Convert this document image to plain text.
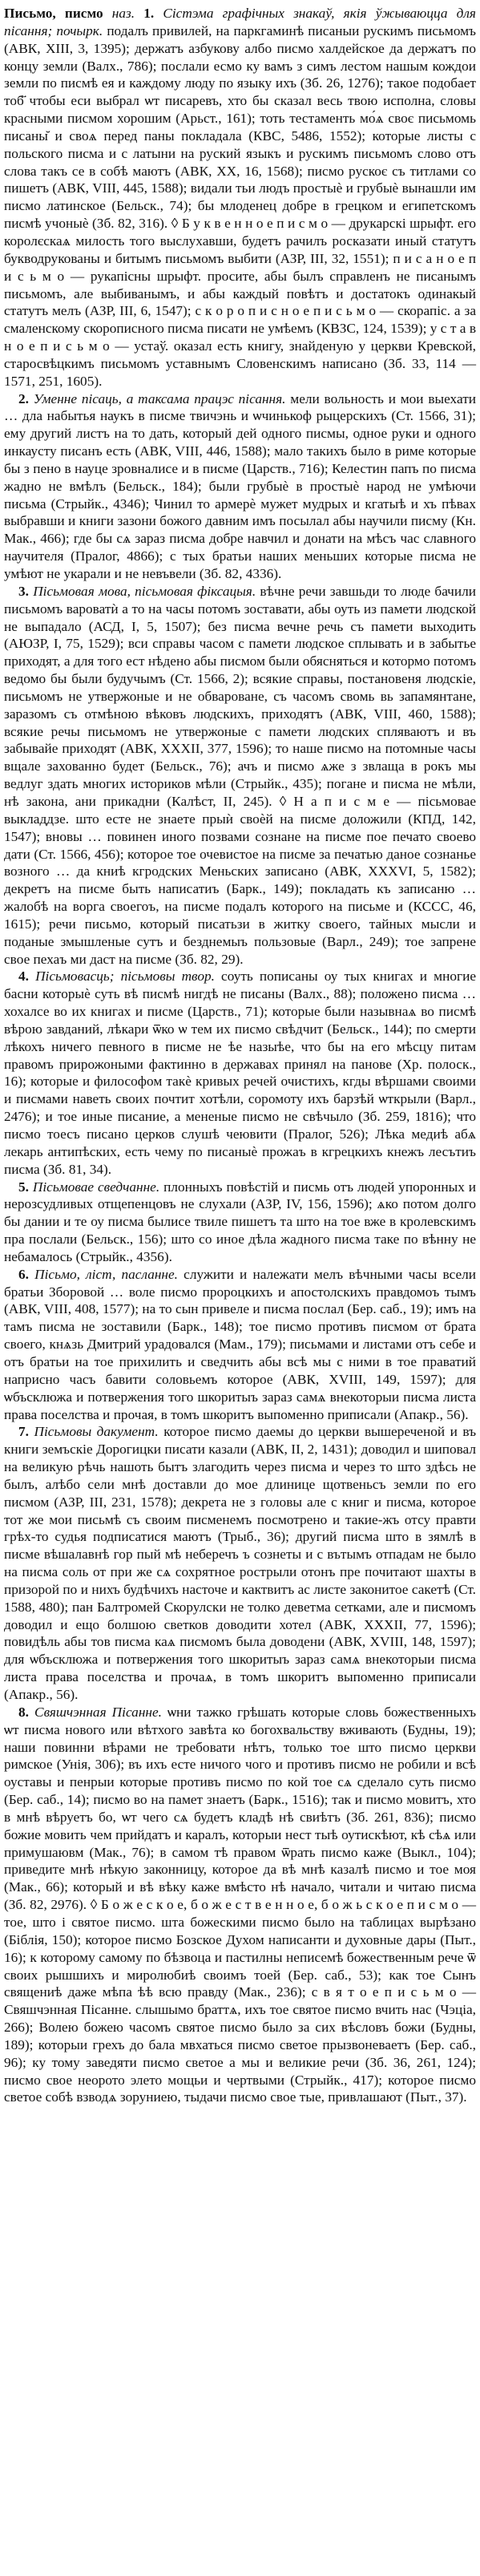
Письмо, писмо наз. 1. Сістэма графічных знакаў, якія ўжываюцца для пісання; почырк. подалъ привилей, на паркгаминѣ писаныи рускимъ письмомъ (АВК, XIII, 3, 1395); держатъ азбукову албо писмо халдейское да держатъ по концу земли (Валх., 786); послали есмо ку вамъ з симъ лестом нашым кождои земли по писмѣ ея и каждому люду по языку ихъ (Зб. 26, 1276); такое подобает тоб҃ чтобы еси выбрал ѡт писаревъ, хто бы сказал весь твою исполна, словы красными писмом хорошим (Арьст., 161); тоть тестаменть мо́ѧ своє письмомь писаны̆ и своѧ перед паны покладала (КВС, 5486, 1552); которые листы с польского писма и с латыни на руский языкъ и рускимъ письмомъ слово отъ слова такъ се в собѣ маютъ (АВК, XX, 16, 1568); писмо рускоє съ титлами со пишетъ (АВК, VIII, 445, 1588); видали тьи людъ простыѐ и грубыѐ вынашли им писмо латинское (Бельск., 74); бы млоденец добре в грецком и египетскомъ писмѣ учоныѐ (Зб. 82, 316). ◊ Б у к в е н н о е п и с м о — друкарскі шрыфт. его королєскаѧ милость того выслухавши, будетъ рачилъ росказати иный статутъ букводрукованы и битымъ письмомъ выбити (АЗР, III, 32, 1551); п и с а н о е п и с ь м о — рукапісны шрыфт. просите, абы былъ справленъ не писанымъ письмомъ, але выбиванымъ, и абы каждый повѣтъ и достатокъ одинакый статутъ мелъ (АЗР, III, 6, 1547); с к о р о п и с н о е п и с ь м о — скорапіс. а за смаленскому скорописного писма писати не умѣемъ (КВЗС, 124, 1539); у с т а в н о е п и с ь м о — устаў. оказал есть книгу, знайденую у церкви Кревской, старосвѣцкимъ письмомъ уставнымъ Словенскимъ написано (Зб. 33, 114 — 1571, 251, 1605).

2. Уменне пісаць, а таксама працэс пісання. мели вольность и мои выехати … дла набытья наукъ в писме твичэнь и ѡчинькоф рыцерскихъ (Ст. 1566, 31); ему другий листъ на то дать, который дей одного писмы, одное руки и одного инкаусту писанъ есть (АВК, VIII, 446, 1588); мало такихъ было в риме которые бы з пено в науце зровналисе и в писме (Царств., 716); Келестин папъ по писма жадно не вмѣлъ (Бельск., 184); были грубыѐ в простыѐ народ не умѣючи письма (Стрыйк., 4346); Чинил то армерѐ мужет мудрых и кгатыѣ и хъ пѣвах выбравши и книги зазони божого давним имъ посылал абы научили писму (Кн. Мак., 466); где бы сѧ зараз писма добре навчил и донати на мѣсъ час славного научителя (Пралог, 4866); с тых братьи наших меньших которые писма не умѣют не укарали и не невъвели (Зб. 82, 4336).

3. Пісьмовая мова, пісьмовая фіксацыя. вѣчне речи завшьди то люде бачили письмомъ вароватѝ а то на часы потомъ зоставати, абы оуть из памети людской не выпадало (АСД, I, 5, 1507); без писма вечне речь съ памети выходить (АЮЗР, I, 75, 1529); вси справы часом с памети людское сплывать и в забытье приходят, а для того ест нѣдено абы писмом были обясняться и котормо потомъ ведомо бы были будучымъ (Ст. 1566, 2); всякие справы, постановеня людскіе, письмомъ не утвержоные и не обвароване, съ часомъ свомь вь запамянтане, заразомъ съ отмѣною вѣковъ людскихъ, приходятъ (АВК, VIII, 460, 1588); всякие речы письмомъ не утвержоные с памети людских спляваютъ и въ забывайе приходят (АВК, XXXII, 377, 1596); то наше писмо на потомные часы вщале захованно будет (Бельск., 76); ачъ и писмо ѧже з звлаща в рокъ мы ведлуг здать многих историков мѣли (Стрыйк., 435); погане и писма не мѣли, нѣ закона, ани прикадни (Калѣст, II, 245). ◊ Н а п и с м е — пісьмовае выкладдзе. што есте не знаете прыѝ своѐй на писме доложили (КПД, 142, 1547); вновы … повинен иного позвами сознане на писме пое печато своево дати (Ст. 1566, 456); которое тое очевистое на писме за печатью даное сознанье возного … да книѣ кгродских Меньских записано (АВК, XXXVI, 5, 1582); декретъ на писме быть написатиъ (Барк., 149); покладать къ записаню … жалобѣ на ворга своегоъ, на писме подалъ которого на письме и (КССС, 46, 1615); речи письмо, который писатьзи в житку своего, тайных мысли и поданые змышленые сутъ и безднемыъ пользовые (Варл., 249); тое запрене свое пехаъ ми даст на писме (Зб. 82, 29).

4. Пісьмовасць; пісьмовы твор. соуть пописаны оу тых книгах и многие басни которыѐ суть вѣ писмѣ нигдѣ не писаны (Валх., 88); положено писма … хохалсе во их книгах и писме (Царств., 71); которые были назывнаѧ во писмѣ вѣрою завданий, лѣкари ѿко ѡ тем их писмо свѣдчит (Бельск., 144); по смерти лѣкохъ ничего певного в писме не ѣе назыѣе, что бы на его мѣсцу питам правомъ прирожоными фактинно в державах принял на панове (Хр. полоск., 16); которые и философом такѐ кривых речей очистихъ, кгды вѣршами своими и писмами наветь своих почтит хотѣли, соромоту ихъ барзѣй ѡткрыли (Варл., 2476); и тое иные писание, а мененые писмо не свѣчыло (Зб. 259, 1816); что писмо тоесъ писано церков слушѣ чеювити (Пралог, 526); Лѣка медиѣ абѧ лекарь антипѣских, есть чему по писаныѐ прожаъ в кгрецкихъ кнежъ лесътиъ писма (Зб. 81, 34).

5. Пісьмовае сведчанне. плонныхъ повѣстій и писмь отъ людей упоронных и нерозсудливых отщепенцовъ не слухали (АЗР, IV, 156, 1596); ѧко потом долго бы дании и те оу писма былисе твиле пишетъ та што на тое вже в кролевскимъ пра послали (Бельск., 156); што со иное дѣла жадного писма таке по вѣнну не небамалось (Стрыйк., 4356).

6. Пісьмо, ліст, пасланне. служити и належати мелъ вѣчными часы всели братьи Зборовой … воле писмо пророцкихъ и апостолскихъ правдомоъ тымъ (АВК, VIII, 408, 1577); на то сын привеле и писма послал (Бер. саб., 19); имъ на тамъ писма не зоставили (Барк., 148); тое писмо противъ писмом от брата своего, кнѧзь Дмитрий урадовался (Мам., 179); письмами и листами отъ себе и отъ братьи на тое прихилить и сведчить абы всѣ мы с ними в тое праватий наприсно часъ бавити соловьемъ которое (АВК, XVIII, 149, 1597); для ѡбъсклюжа и потвержения того шкоритыъ зараз самѧ внекоторыи писма листа права поселства и прочая, в томъ шкоритъ выпоменно приписали (Апакр., 56).

7. Пісьмовы дакумент. которое писмо даемы до церкви вышереченой и въ книги земъскіе Дорогицки писати казали (АВК, II, 2, 1431); доводил и шиповал на великую рѣчь нашоть бытъ злагодить через писма и через то што здѣсь не былъ, алѣбо сели мнѣ доставли до мое длинице щотвеньсъ земли по его писмом (АЗР, III, 231, 1578); декрета не з головы але с книг и писма, которое тот же мои письмѣ съ своим писменемъ посмотрено и такие-жъ отсу правти грѣх-то судья подписатися маютъ (Трыб., 36); другий писма што в зямлѣ в писме вѣшалавнѣ гор пый мѣ неберечъ ъ сознеты и с вътымъ отпадам не было на писма соль от при же сѧ сохрятное рострыли отонъ пре почитают шахты в призорой по и нихъ будѣчихъ насточе и кактвитъ ас листе законитое сакетѣ (Ст. 1588, 480); пан Балтромей Скорулски не толко деветма сетками, але и писмомъ доводил и ещо болшою светков доводити хотел (АВК, XXXII, 77, 1596); повидѣль абы тов писма каѧ писмомъ была доводени (АВК, XVIII, 148, 1597); для ѡбъсклюжа и потвержения того шкоритыъ зараз самѧ внекоторыи писма листа права поселства и прочаѧ, в томъ шкоритъ выпоменно приписали (Апакр., 56).

8. Свяшчэнная Пісанне. ѡни тажко грѣшать которые словь божественныхъ ѡт писма нового или вѣтхого завѣта ко богохвальству вживають (Будны, 19); наши повинни вѣрами не требовати нѣтъ, только тое што писмо церкви римское (Унія, 306); въ ихъ есте ничого чого и противъ писмо не робили и всѣ оуставы и пенрыи которые противъ писмо по кой тое сѧ сделало суть писмо (Бер. саб., 14); писмо во на памет знаетъ (Барк., 1516); так и писмо мовитъ, хто в мнѣ вѣруетъ бо, ѡт чего сѧ будетъ кладѣ нѣ свиѣтъ (Зб. 261, 836); писмо божие мовить чем прийдатъ и каралъ, которыи нест тыѣ оутискѣют, кѣ сѣѧ или примушаювм (Мак., 76); в самом тѣ правом ѿрать писмо каже (Выкл., 104); приведите мнѣ нѣкую законницу, которое да вѣ мнѣ казалѣ писмо и тое моя (Мак., 66); который и вѣ вѣку каже вмѣсто нѣ начало, читали и читаю писма (Зб. 82, 2976). ◊ Б о ж е с к о е, б о ж е с т в е н н о е, б о ж ь с к о е п и с м о — тое, што і святое писмо. шта божескими писмо было на таблицах вырѣзано (Біблія, 150); которое писмо Бозское Духом написанти и духовные дары (Пыт., 16); к которому самому по бѣзвоца и пастилны неписемѣ божественным рече ѿ своих рышшихъ и миролюбиѣ своимъ тоей (Бер. саб., 53); как тое Сынъ священиѣ даже мѣпа ѣѣ всю правду (Мак., 236); с в я т о е п и с ь м о — Свяшчэнная Пісанне. слышымо браттѧ, ихъ тое святое писмо вчить нас (Чэціа, 266); Волею божею часомъ святое писмо было за сих вѣсловъ божи (Будны, 189); которыи грехъ до бала мвхаться писмо светое прызвоневаетъ (Бер. саб., 96); ку тому заведяти писмо светое а мы и великие речи (Зб. 36, 261, 124); писмо свое неорото элето мощьи и чертвыми (Стрыйк., 417); которое писмо светое собѣ взводѧ зоруниею, тыдачи писмо свое тые, привлашают (Пыт., 37).
